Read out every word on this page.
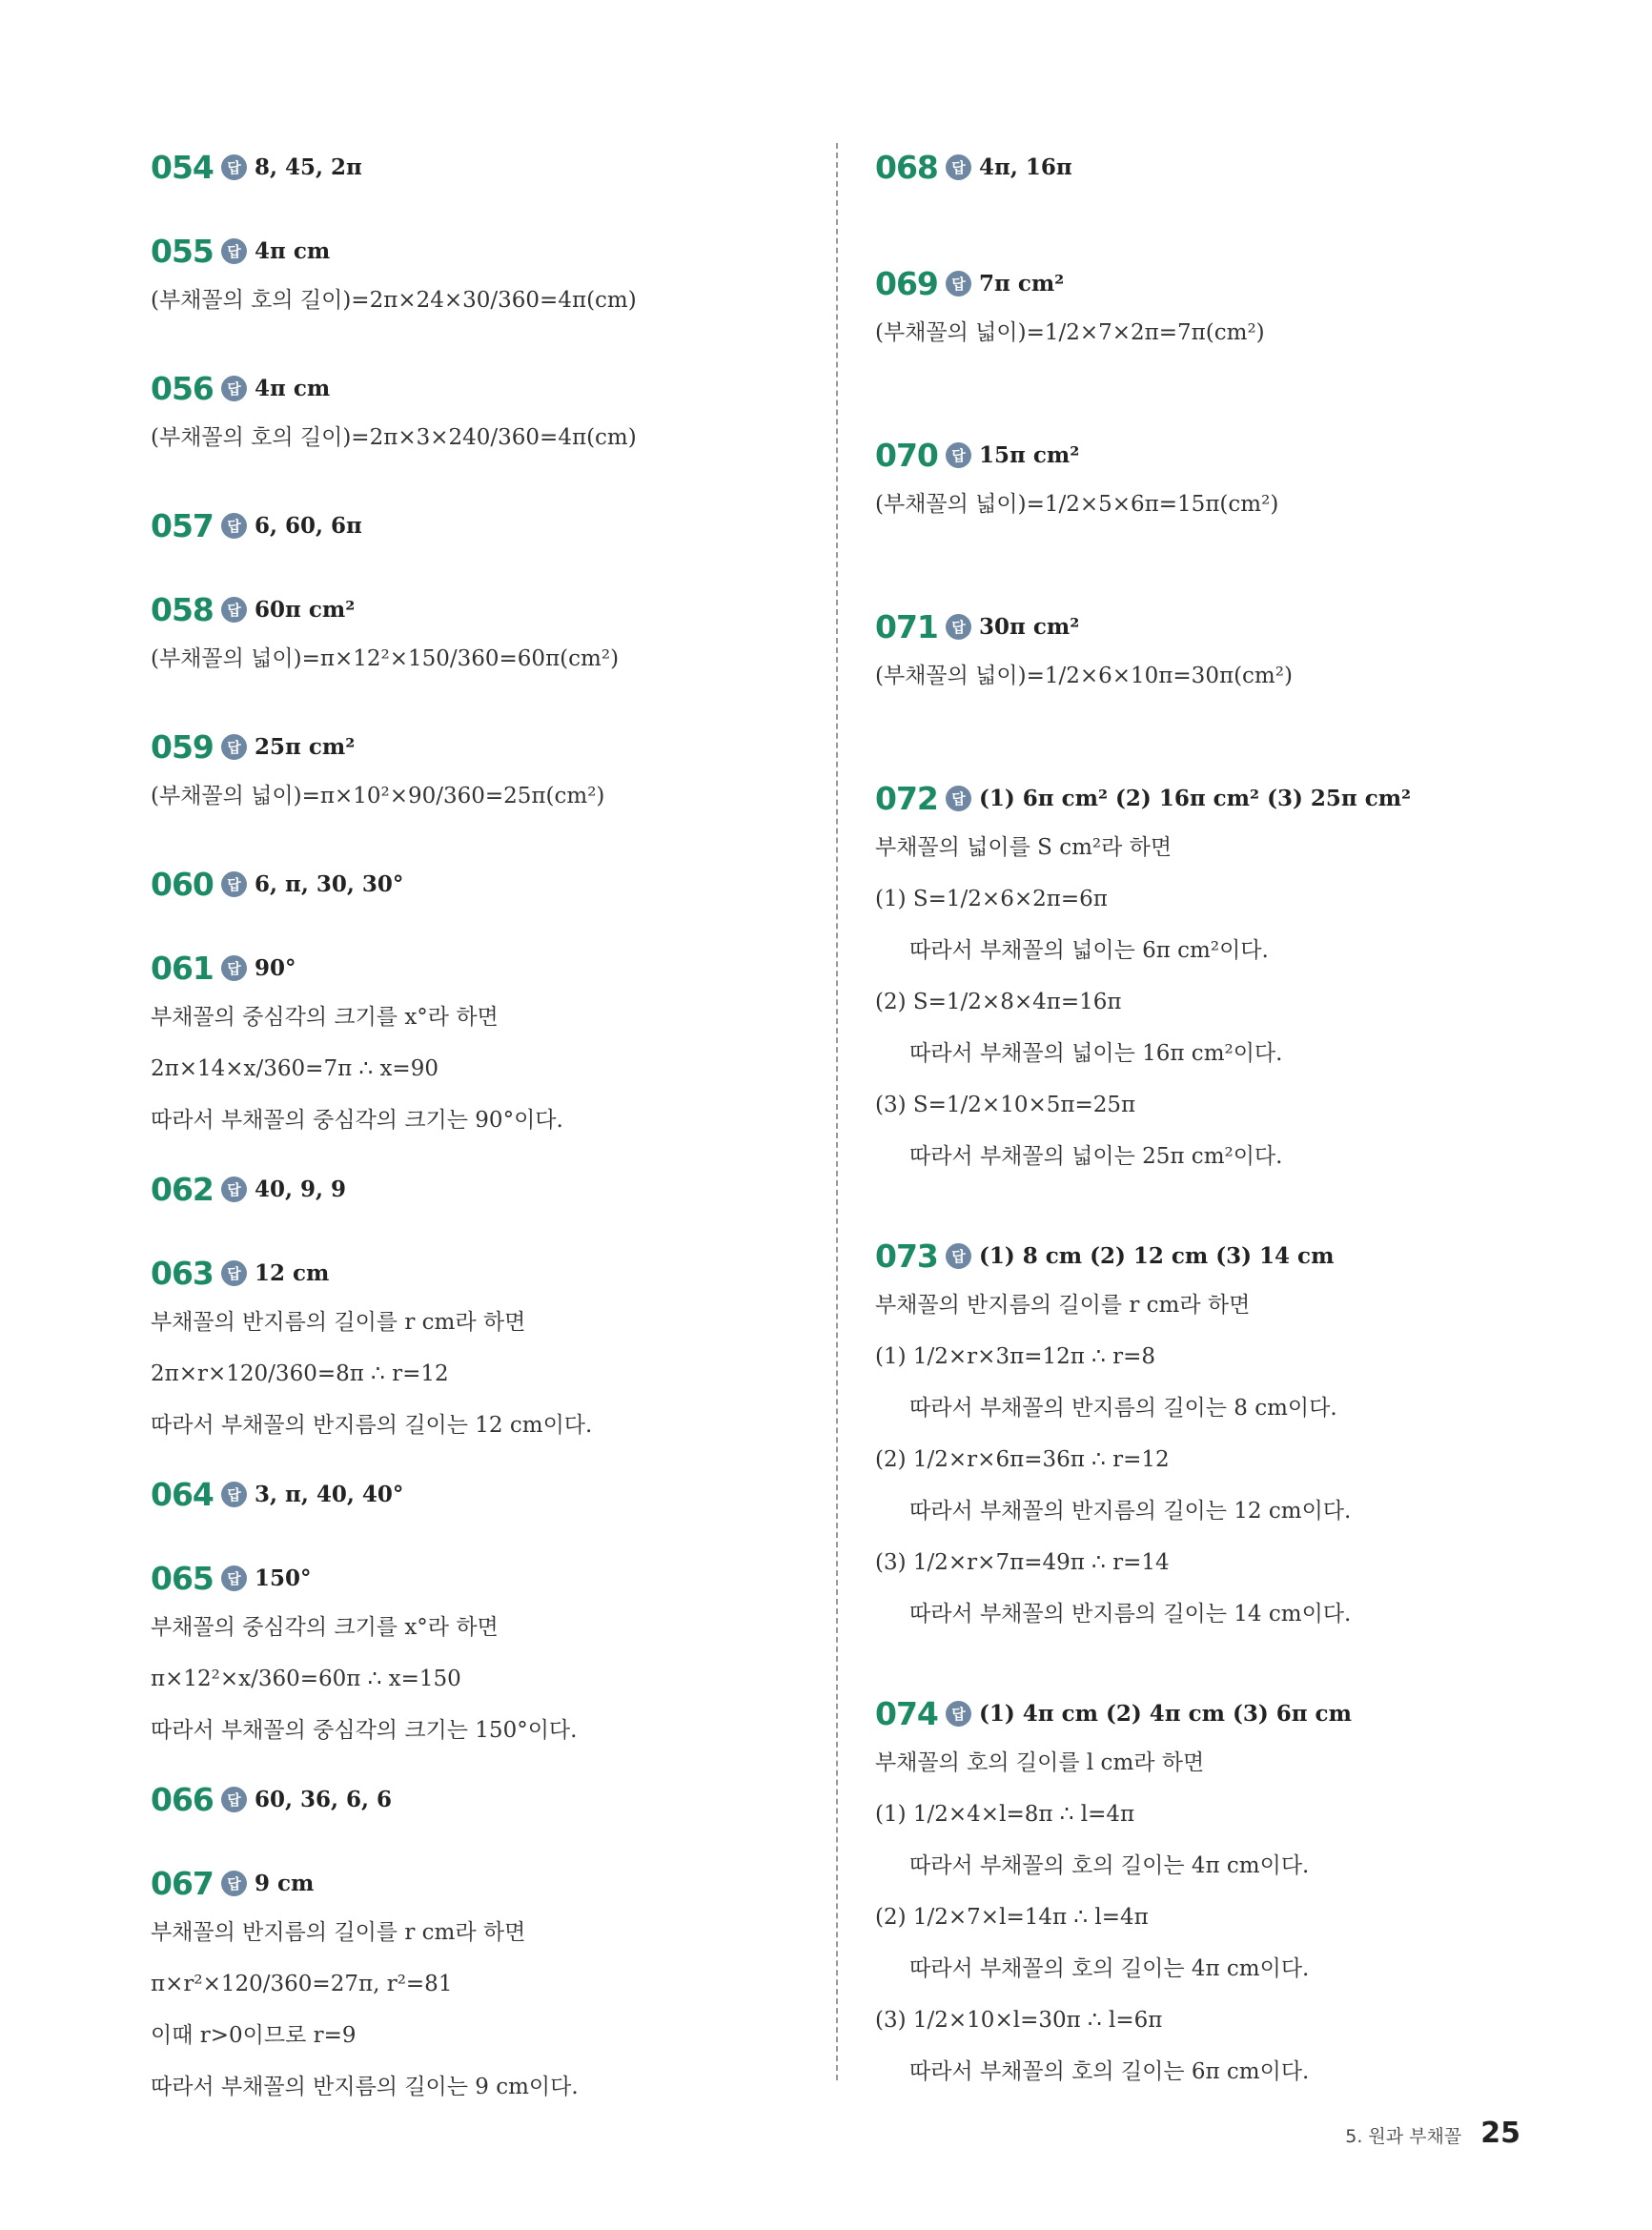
054 답 8, 45, 2π
055 답 4π cm
(부채꼴의 호의 길이)=2π×24×30/360=4π(cm)
056 답 4π cm
(부채꼴의 호의 길이)=2π×3×240/360=4π(cm)
057 답 6, 60, 6π
058 답 60π cm²
(부채꼴의 넓이)=π×12²×150/360=60π(cm²)
059 답 25π cm²
(부채꼴의 넓이)=π×10²×90/360=25π(cm²)
060 답 6, π, 30, 30°
061 답 90°
부채꼴의 중심각의 크기를 x°라 하면
2π×14×x/360=7π ∴ x=90
따라서 부채꼴의 중심각의 크기는 90°이다.
062 답 40, 9, 9
063 답 12 cm
부채꼴의 반지름의 길이를 r cm라 하면
2π×r×120/360=8π ∴ r=12
따라서 부채꼴의 반지름의 길이는 12 cm이다.
064 답 3, π, 40, 40°
065 답 150°
부채꼴의 중심각의 크기를 x°라 하면
π×12²×x/360=60π ∴ x=150
따라서 부채꼴의 중심각의 크기는 150°이다.
066 답 60, 36, 6, 6
067 답 9 cm
부채꼴의 반지름의 길이를 r cm라 하면
π×r²×120/360=27π, r²=81
이때 r>0이므로 r=9
따라서 부채꼴의 반지름의 길이는 9 cm이다.
068 답 4π, 16π
069 답 7π cm²
(부채꼴의 넓이)=1/2×7×2π=7π(cm²)
070 답 15π cm²
(부채꼴의 넓이)=1/2×5×6π=15π(cm²)
071 답 30π cm²
(부채꼴의 넓이)=1/2×6×10π=30π(cm²)
072 답 (1) 6π cm² (2) 16π cm² (3) 25π cm²
부채꼴의 넓이를 S cm²라 하면
(1) S=1/2×6×2π=6π
따라서 부채꼴의 넓이는 6π cm²이다.
(2) S=1/2×8×4π=16π
따라서 부채꼴의 넓이는 16π cm²이다.
(3) S=1/2×10×5π=25π
따라서 부채꼴의 넓이는 25π cm²이다.
073 답 (1) 8 cm (2) 12 cm (3) 14 cm
부채꼴의 반지름의 길이를 r cm라 하면
(1) 1/2×r×3π=12π ∴ r=8
따라서 부채꼴의 반지름의 길이는 8 cm이다.
(2) 1/2×r×6π=36π ∴ r=12
따라서 부채꼴의 반지름의 길이는 12 cm이다.
(3) 1/2×r×7π=49π ∴ r=14
따라서 부채꼴의 반지름의 길이는 14 cm이다.
074 답 (1) 4π cm (2) 4π cm (3) 6π cm
부채꼴의 호의 길이를 l cm라 하면
(1) 1/2×4×l=8π ∴ l=4π
따라서 부채꼴의 호의 길이는 4π cm이다.
(2) 1/2×7×l=14π ∴ l=4π
따라서 부채꼴의 호의 길이는 4π cm이다.
(3) 1/2×10×l=30π ∴ l=6π
따라서 부채꼴의 호의 길이는 6π cm이다.
5. 원과 부채꼴 25
